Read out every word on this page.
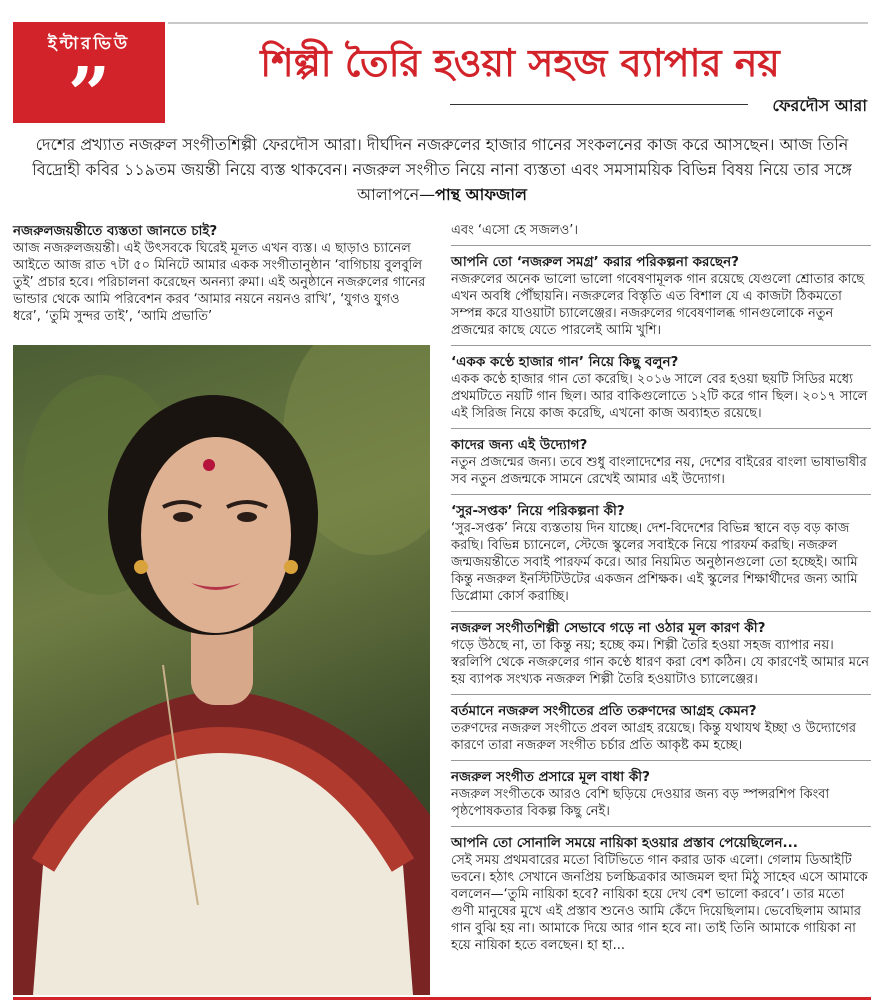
ইন্টারভিউ
”	শিল্পী তৈরি হওয়া সহজ ব্যাপার নয়
ফেরদৌস আরা

দেশের প্রখ্যাত নজরুল সংগীতশিল্পী ফেরদৌস আরা। দীর্ঘদিন নজরুলের হাজার গানের সংকলনের কাজ করে আসছেন। আজ তিনি বিদ্রোহী কবির ১১৯তম জয়ন্তী নিয়ে ব্যস্ত থাকবেন। নজরুল সংগীত নিয়ে নানা ব্যস্ততা এবং সমসাময়িক বিভিন্ন বিষয় নিয়ে তার সঙ্গে আলাপনে—পান্থ আফজাল

নজরুলজয়ন্তীতে ব্যস্ততা জানতে চাই?
আজ নজরুলজয়ন্তী। এই উৎসবকে ঘিরেই মূলত এখন ব্যস্ত। এ ছাড়াও চ্যানেল আইতে আজ রাত ৭টা ৫০ মিনিটে আমার একক সংগীতানুষ্ঠান ‘বাগিচায় বুলবুলি তুই’ প্রচার হবে। পরিচালনা করেছেন অনন্যা রুমা। এই অনুষ্ঠানে নজরুলের গানের ভান্ডার থেকে আমি পরিবেশন করব ‘আমার নয়নে নয়নও রাখি’, ‘যুগও যুগও ধরে’, ‘তুমি সুন্দর তাই’, ‘আমি প্রভাতি’
এবং ‘এসো হে সজলও’।
আপনি তো ‘নজরুল সমগ্র’ করার পরিকল্পনা করছেন?
নজরুলের অনেক ভালো ভালো গবেষণামূলক গান রয়েছে যেগুলো শ্রোতার কাছে এখন অবধি পৌঁছায়নি। নজরুলের বিস্তৃতি এত বিশাল যে এ কাজটা ঠিকমতো সম্পন্ন করে যাওয়াটা চ্যালেঞ্জের। নজরুলের গবেষণালব্ধ গানগুলোকে নতুন প্রজন্মের কাছে যেতে পারলেই আমি খুশি।
‘একক কণ্ঠে হাজার গান’ নিয়ে কিছু বলুন?
একক কণ্ঠে হাজার গান তো করেছি। ২০১৬ সালে বের হওয়া ছয়টি সিডির মধ্যে প্রথমটিতে নয়টি গান ছিল। আর বাকিগুলোতে ১২টি করে গান ছিল। ২০১৭ সালে এই সিরিজ নিয়ে কাজ করেছি, এখনো কাজ অব্যাহত রয়েছে।
কাদের জন্য এই উদ্যোগ?
নতুন প্রজন্মের জন্য। তবে শুধু বাংলাদেশের নয়, দেশের বাইরের বাংলা ভাষাভাষীর সব নতুন প্রজন্মকে সামনে রেখেই আমার এই উদ্যোগ।
‘সুর-সপ্তক’ নিয়ে পরিকল্পনা কী?
‘সুর-সপ্তক’ নিয়ে ব্যস্ততায় দিন যাচ্ছে। দেশ-বিদেশের বিভিন্ন স্থানে বড় বড় কাজ করছি। বিভিন্ন চ্যানেলে, স্টেজে স্কুলের সবাইকে নিয়ে পারফর্ম করছি। নজরুল জন্মজয়ন্তীতে সবাই পারফর্ম করে। আর নিয়মিত অনুষ্ঠানগুলো তো হচ্ছেই। আমি কিন্তু নজরুল ইনস্টিটিউটের একজন প্রশিক্ষক। এই স্কুলের শিক্ষার্থীদের জন্য আমি ডিপ্লোমা কোর্স করাচ্ছি।
নজরুল সংগীতশিল্পী সেভাবে গড়ে না ওঠার মূল কারণ কী?
গড়ে উঠছে না, তা কিন্তু নয়; হচ্ছে কম। শিল্পী তৈরি হওয়া সহজ ব্যাপার নয়। স্বরলিপি থেকে নজরুলের গান কণ্ঠে ধারণ করা বেশ কঠিন। যে কারণেই আমার মনে হয় ব্যাপক সংখ্যক নজরুল শিল্পী তৈরি হওয়াটাও চ্যালেঞ্জের।
বর্তমানে নজরুল সংগীতের প্রতি তরুণদের আগ্রহ কেমন?
তরুণদের নজরুল সংগীতে প্রবল আগ্রহ রয়েছে। কিন্তু যথাযথ ইচ্ছা ও উদ্যোগের কারণে তারা নজরুল সংগীত চর্চার প্রতি আকৃষ্ট কম হচ্ছে।
নজরুল সংগীত প্রসারে মূল বাধা কী?
নজরুল সংগীতকে আরও বেশি ছড়িয়ে দেওয়ার জন্য বড় স্পন্সরশিপ কিংবা পৃষ্ঠপোষকতার বিকল্প কিছু নেই।
আপনি তো সোনালি সময়ে নায়িকা হওয়ার প্রস্তাব পেয়েছিলেন...
সেই সময় প্রথমবারের মতো বিটিভিতে গান করার ডাক এলো। গেলাম ডিআইটি ভবনে। হঠাৎ সেখানে জনপ্রিয় চলচ্চিত্রকার আজমল হুদা মিঠু সাহেব এসে আমাকে বললেন—‘তুমি নায়িকা হবে? নায়িকা হয়ে দেখ বেশ ভালো করবে’। তার মতো গুণী মানুষের মুখে এই প্রস্তাব শুনেও আমি কেঁদে দিয়েছিলাম। ভেবেছিলাম আমার গান বুঝি হয় না। আমাকে দিয়ে আর গান হবে না। তাই তিনি আমাকে গায়িকা না হয়ে নায়িকা হতে বলছেন। হা হা...
